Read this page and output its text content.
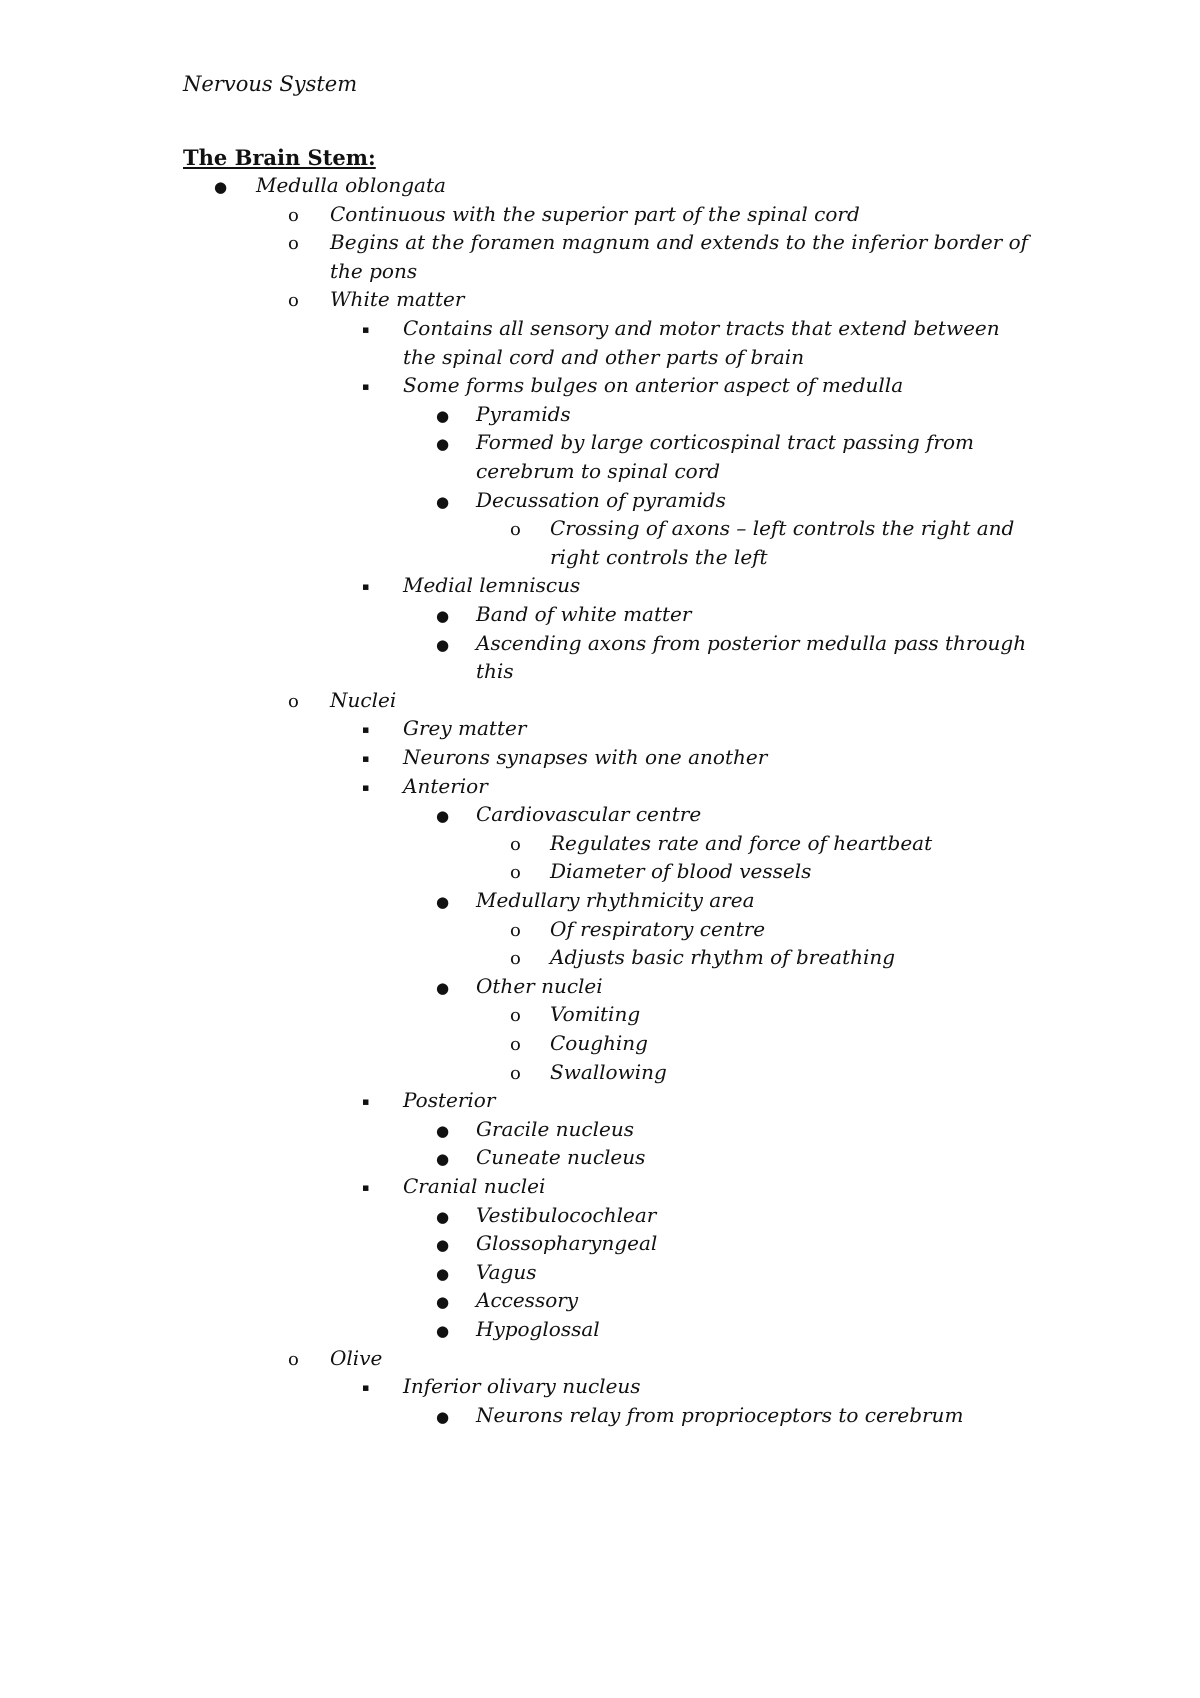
Nervous System
The Brain Stem:
● Medulla oblongata
o Continuous with the superior part of the spinal cord
o Begins at the foramen magnum and extends to the inferior border of
the pons
o White matter
▪ Contains all sensory and motor tracts that extend between
the spinal cord and other parts of brain
▪ Some forms bulges on anterior aspect of medulla
● Pyramids
● Formed by large corticospinal tract passing from
cerebrum to spinal cord
● Decussation of pyramids
o Crossing of axons – left controls the right and
right controls the left
▪ Medial lemniscus
● Band of white matter
● Ascending axons from posterior medulla pass through
this
o Nuclei
▪ Grey matter
▪ Neurons synapses with one another
▪ Anterior
● Cardiovascular centre
o Regulates rate and force of heartbeat
o Diameter of blood vessels
● Medullary rhythmicity area
o Of respiratory centre
o Adjusts basic rhythm of breathing
● Other nuclei
o Vomiting
o Coughing
o Swallowing
▪ Posterior
● Gracile nucleus
● Cuneate nucleus
▪ Cranial nuclei
● Vestibulocochlear
● Glossopharyngeal
● Vagus
● Accessory
● Hypoglossal
o Olive
▪ Inferior olivary nucleus
● Neurons relay from proprioceptors to cerebrum
